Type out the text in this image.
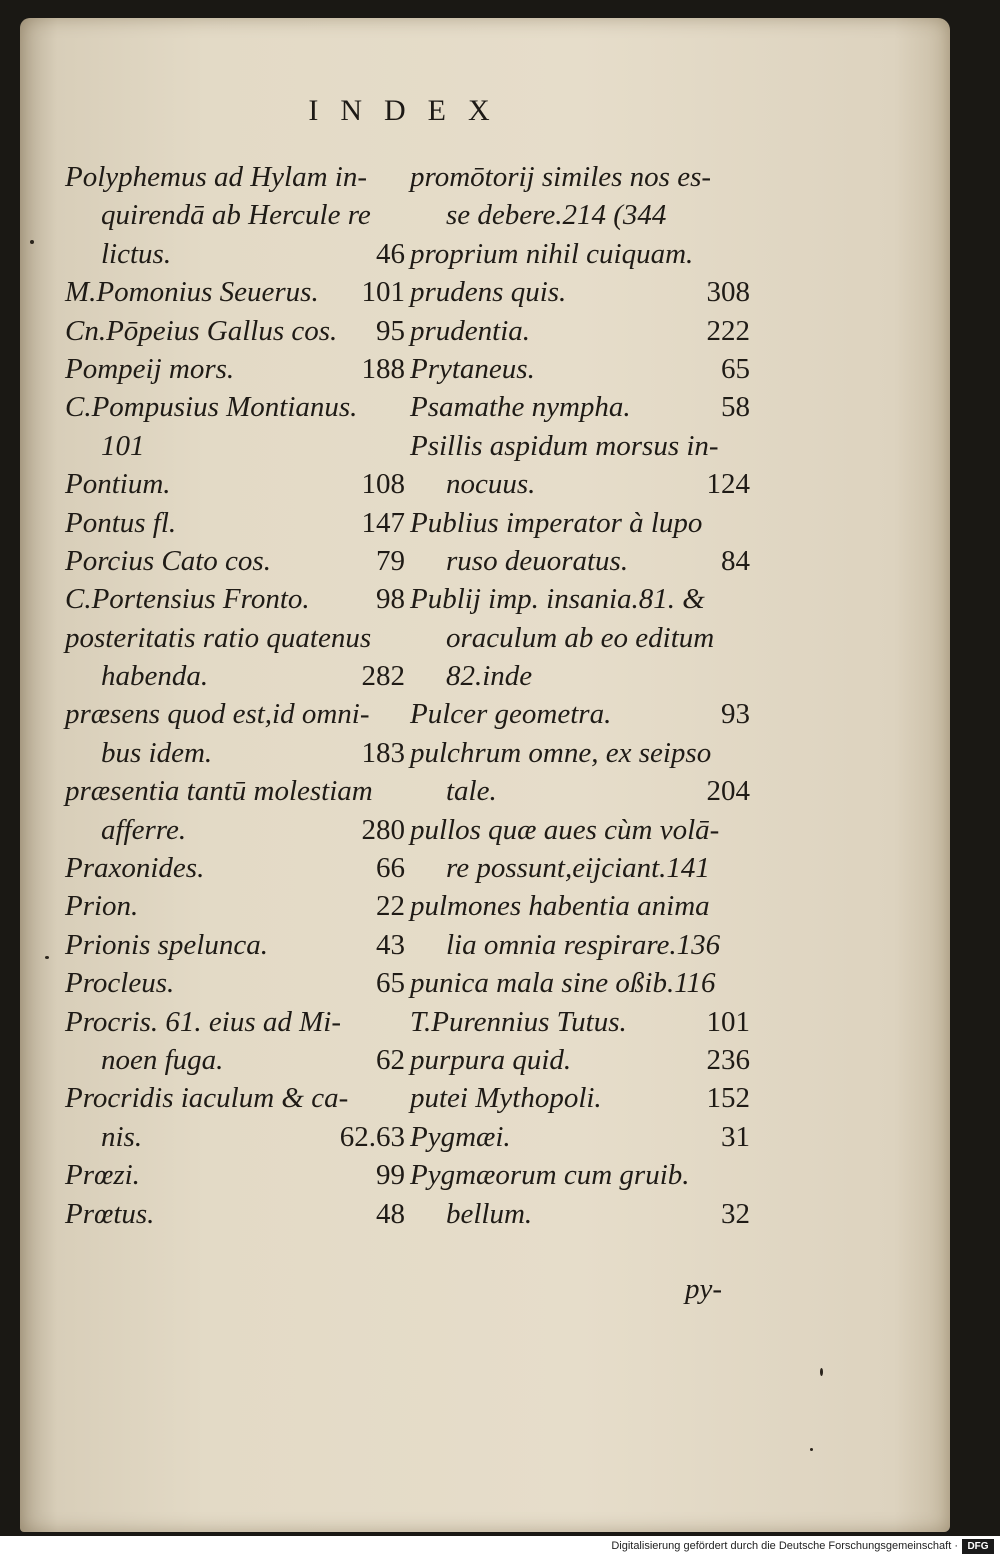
INDEX
Polyphemus ad Hylam in-
quirendā ab Hercule re
lictus.	46
M.Pomonius Seuerus. 101
Cn.Pōpeius Gallus cos. 95
Pompeij mors.	188
C.Pompusius Montianus.
101
Pontium.	108
Pontus fl.	147
Porcius Cato cos.	79
C.Portensius Fronto. 98
posteritatis ratio quatenus
habenda.	282
præsens quod est,id omni-
bus idem.	183
præsentia tantū molestiam
afferre.	280
Praxonides.	66
Prion.	22
Prionis spelunca.	43
Procleus.	65
Procris. 61. eius ad Mi-
noen fuga.	62
Procridis iaculum & ca-
nis.	62.63
Prœzi.	99
Prœtus.	48
promōtorij similes nos es-
se debere.214 (344
proprium nihil cuiquam.
prudens quis.	308
prudentia.	222
Prytaneus.	65
Psamathe nympha.	58
Psillis aspidum morsus in-
nocuus.	124
Publius imperator à lupo
ruso deuoratus.	84
Publij imp. insania.81. &
oraculum ab eo editum
82.inde
Pulcer geometra.	93
pulchrum omne, ex seipso
tale.	204
pullos quæ aues cùm volā-
re possunt,eijciant.141
pulmones habentia anima
lia omnia respirare.136
punica mala sine oßib.116
T.Purennius Tutus.	101
purpura quid.	236
putei Mythopoli.	152
Pygmæi.	31
Pygmæorum cum gruib.
bellum.	32
py-
Digitalisierung gefördert durch die Deutsche Forschungsgemeinschaft · DFG
